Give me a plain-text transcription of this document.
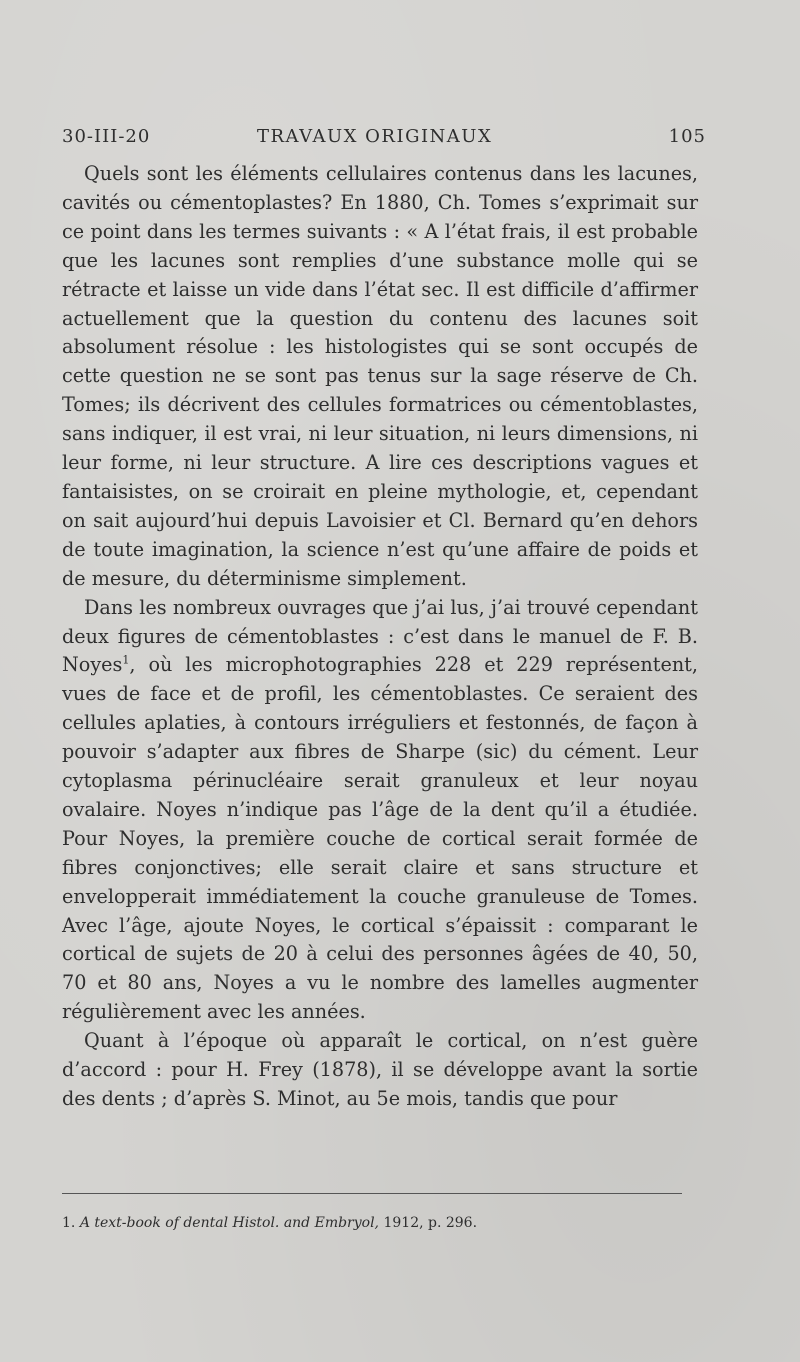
30-III-20	TRAVAUX ORIGINAUX	105

Quels sont les éléments cellulaires contenus dans les lacunes, cavités ou cémentoplastes? En 1880, Ch. Tomes s’exprimait sur ce point dans les termes suivants : « A l’état frais, il est probable que les lacunes sont remplies d’une substance molle qui se rétracte et laisse un vide dans l’état sec. Il est difficile d’affirmer actuellement que la question du contenu des lacunes soit absolument résolue : les histologistes qui se sont occupés de cette question ne se sont pas tenus sur la sage réserve de Ch. Tomes; ils décrivent des cellules formatrices ou cémentoblastes, sans indiquer, il est vrai, ni leur situation, ni leurs dimensions, ni leur forme, ni leur structure. A lire ces descriptions vagues et fantaisistes, on se croirait en pleine mythologie, et, cependant on sait aujourd’hui depuis Lavoisier et Cl. Bernard qu’en dehors de toute imagination, la science n’est qu’une affaire de poids et de mesure, du déterminisme simplement.

Dans les nombreux ouvrages que j’ai lus, j’ai trouvé cependant deux figures de cémentoblastes : c’est dans le manuel de F. B. Noyes$^1$, où les microphotographies 228 et 229 représentent, vues de face et de profil, les cémentoblastes. Ce seraient des cellules aplaties, à contours irréguliers et festonnés, de façon à pouvoir s’adapter aux fibres de Sharpe (sic) du cément. Leur cytoplasma périnucléaire serait granuleux et leur noyau ovalaire. Noyes n’indique pas l’âge de la dent qu’il a étudiée. Pour Noyes, la première couche de cortical serait formée de fibres conjonctives; elle serait claire et sans structure et envelopperait immédiatement la couche granuleuse de Tomes. Avec l’âge, ajoute Noyes, le cortical s’épaissit : comparant le cortical de sujets de 20 à celui des personnes âgées de 40, 50, 70 et 80 ans, Noyes a vu le nombre des lamelles augmenter régulièrement avec les années.

Quant à l’époque où apparaît le cortical, on n’est guère d’accord : pour H. Frey (1878), il se développe avant la sortie des dents ; d’après S. Minot, au 5e mois, tandis que pour

1. A text-book of dental Histol. and Embryol, 1912, p. 296.
